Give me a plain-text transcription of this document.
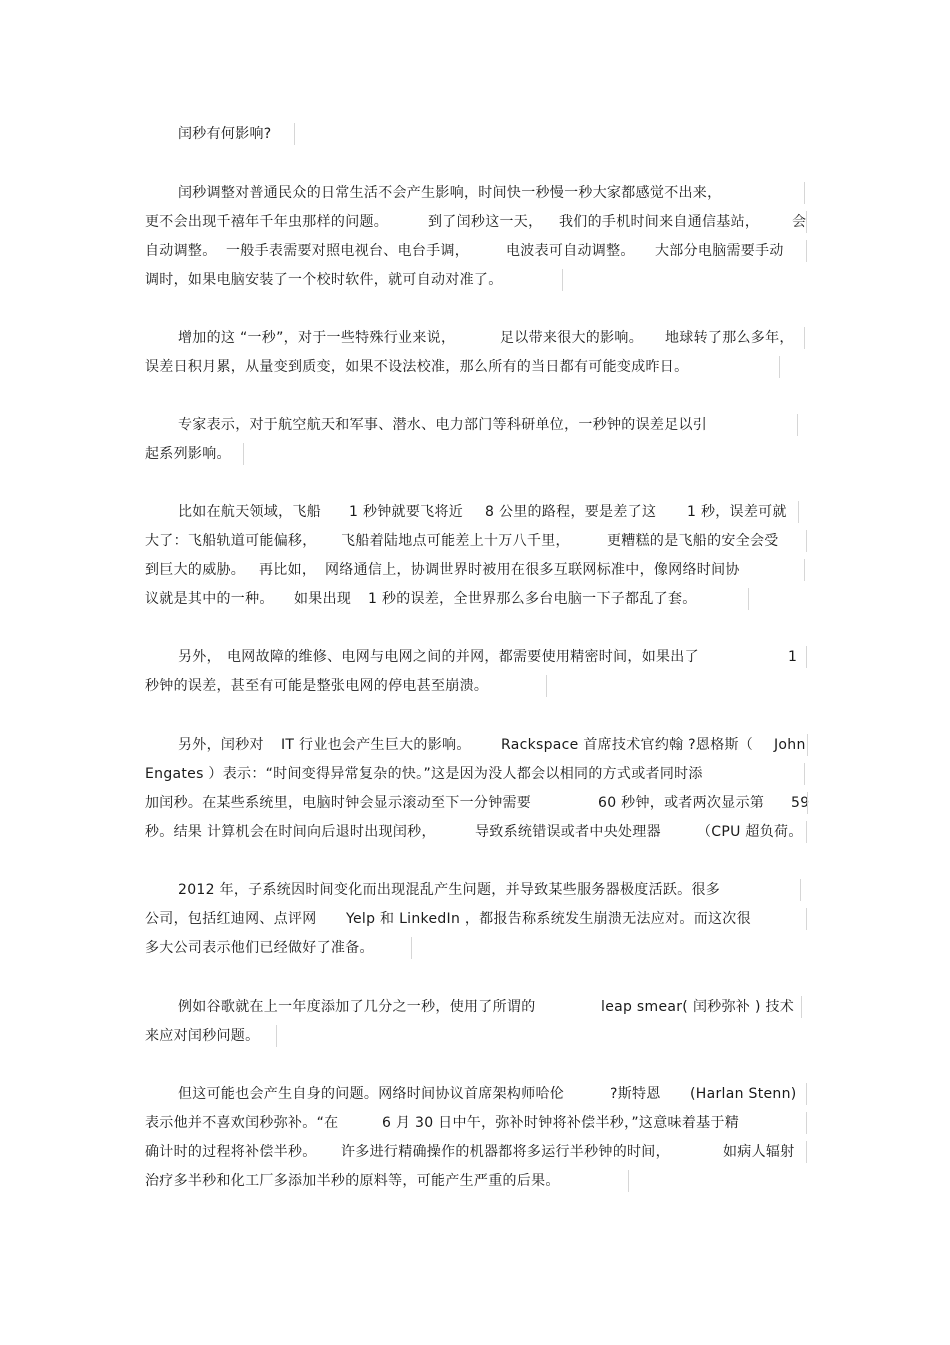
闰秒有何影响?
闰秒调整对普通民众的日常生活不会产生影响，时间快一秒慢一秒大家都感觉不出来，
更不会出现千禧年千年虫那样的问题。	到了闰秒这一天， 我们的手机时间来自通信基站， 会
自动调整。 一般手表需要对照电视台、电台手调，	电波表可自动调整。 大部分电脑需要手动
调时，如果电脑安装了一个校时软件，就可自动对准了。
增加的这 “一秒”，对于一些特殊行业来说，	足以带来很大的影响。 地球转了那么多年，
误差日积月累，从量变到质变，如果不设法校准，那么所有的当日都有可能变成昨日。
专家表示，对于航空航天和军事、潜水、电力部门等科研单位，一秒钟的误差足以引
起系列影响。
比如在航天领域，飞船 1 秒钟就要飞将近 8 公里的路程，要是差了这 1 秒，误差可就
大了：飞船轨道可能偏移， 飞船着陆地点可能差上十万八千里，	更糟糕的是飞船的安全会受
到巨大的威胁。 再比如， 网络通信上，协调世界时被用在很多互联网标准中，像网络时间协
议就是其中的一种。 如果出现 1 秒的误差，全世界那么多台电脑一下子都乱了套。
另外， 电网故障的维修、电网与电网之间的并网，都需要使用精密时间，如果出了	1
秒钟的误差，甚至有可能是整张电网的停电甚至崩溃。
另外，闰秒对 IT 行业也会产生巨大的影响。 Rackspace 首席技术官约翰 ?恩格斯（ John
Engates ）表示：“时间变得异常复杂的快。”这是因为没人都会以相同的方式或者同时添
加闰秒。在某些系统里，电脑时钟会显示滚动至下一分钟需要	60 秒钟，或者两次显示第 59
秒。结果 计算机会在时间向后退时出现闰秒，	导致系统错误或者中央处理器	（CPU 超负荷。
2012 年，子系统因时间变化而出现混乱产生问题，并导致某些服务器极度活跃。很多
公司，包括红迪网、点评网 Yelp 和 LinkedIn ，都报告称系统发生崩溃无法应对。而这次很
多大公司表示他们已经做好了准备。
例如谷歌就在上一年度添加了几分之一秒，使用了所谓的	leap smear( 闰秒弥补 ) 技术
来应对闰秒问题。
但这可能也会产生自身的问题。网络时间协议首席架构师哈伦	?斯特恩 (Harlan Stenn)
表示他并不喜欢闰秒弥补。“在	6 月 30 日中午，弥补时钟将补偿半秒，”这意味着基于精
确计时的过程将补偿半秒。 许多进行精确操作的机器都将多运行半秒钟的时间，	如病人辐射
治疗多半秒和化工厂多添加半秒的原料等，可能产生严重的后果。
